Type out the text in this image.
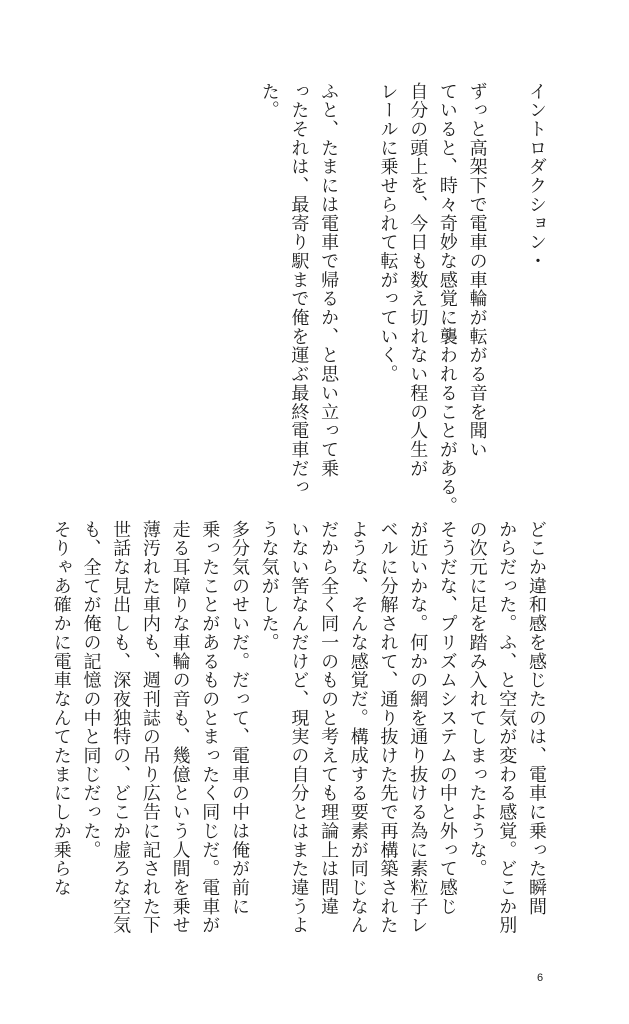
イントロダクション・
ずっと高架下で電車の車輪が転がる音を聞い
ていると、時々奇妙な感覚に襲われることがある。
自分の頭上を、今日も数え切れない程の人生が
レールに乗せられて転がっていく。
ふと、たまには電車で帰るか、と思い立って乗
ったそれは、最寄り駅まで俺を運ぶ最終電車だっ
た。
どこか違和感を感じたのは、電車に乗った瞬間
からだった。ふ、と空気が変わる感覚。どこか別
の次元に足を踏み入れてしまったような。
そうだな、プリズムシステムの中と外って感じ
が近いかな。何かの網を通り抜ける為に素粒子レ
ベルに分解されて、通り抜けた先で再構築された
ような、そんな感覚だ。構成する要素が同じなん
だから全く同一のものと考えても理論上は問違
いない筈なんだけど、現実の自分とはまた違うよ
うな気がした。
多分気のせいだ。だって、電車の中は俺が前に
乗ったことがあるものとまったく同じだ。電車が
走る耳障りな車輪の音も、幾億という人間を乗せ
薄汚れた車内も、週刊誌の吊り広告に記された下
世話な見出しも、深夜独特の、どこか虚ろな空気
も、全てが俺の記憶の中と同じだった。
そりゃあ確かに電車なんてたまにしか乗らな
6
